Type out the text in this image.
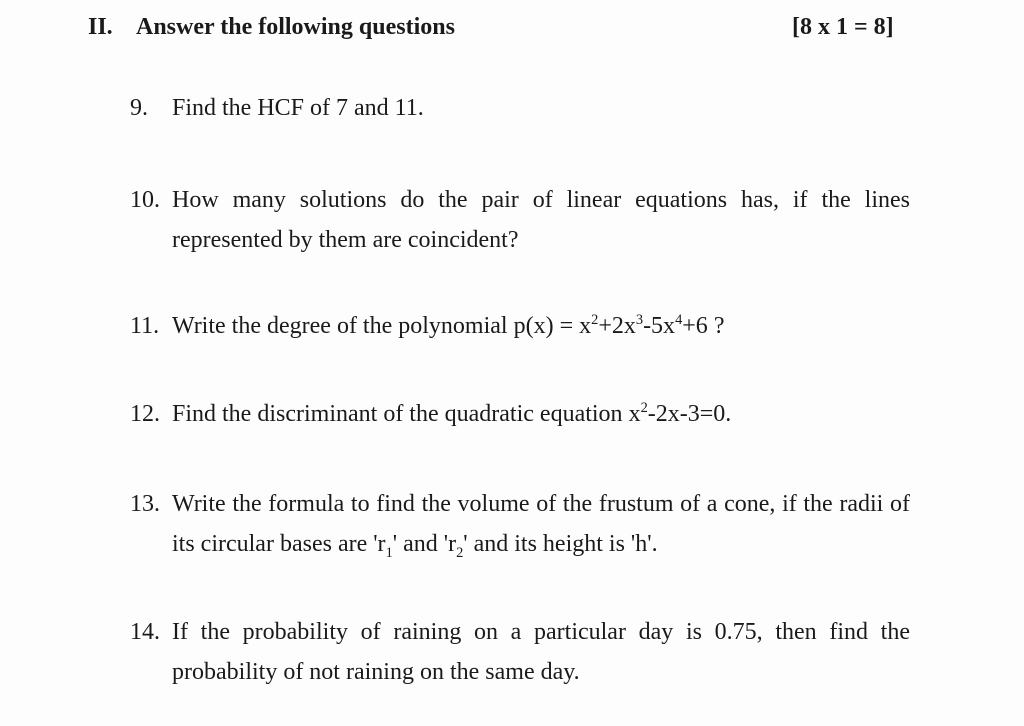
II. Answer the following questions	[8 x 1 = 8]
9.	Find the HCF of 7 and 11.
10. How many solutions do the pair of linear equations has, if the lines represented by them are coincident?
11. Write the degree of the polynomial $p(x) = x^2+2x^3-5x^4+6$ ?
12. Find the discriminant of the quadratic equation $x^2-2x-3=0$.
13. Write the formula to find the volume of the frustum of a cone, if the radii of its circular bases are '$r_1$' and '$r_2$' and its height is 'h'.
14. If the probability of raining on a particular day is 0.75, then find the probability of not raining on the same day.
